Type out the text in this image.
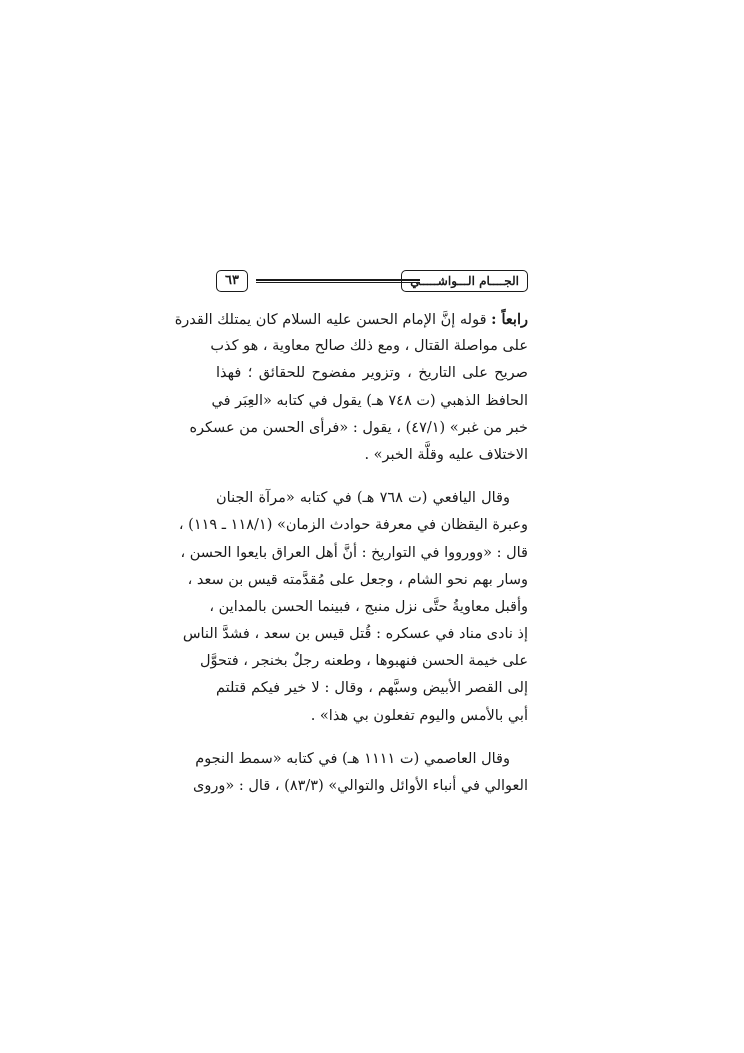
الجــــام الـــواشـــــي
٦٣
رابعاً : قوله إنَّ الإمام الحسن عليه السلام كان يمتلك القدرة
على مواصلة القتال ، ومع ذلك صالح معاوية ، هو كذب
صريح على التاريخ ، وتزوير مفضوح للحقائق ؛ فهذا
الحافظ الذهبي (ت ٧٤٨ هـ) يقول في كتابه «العِبَر في
خبر من غبر» (٤٧/١) ، يقول : «فرأى الحسن من عسكره
الاختلاف عليه وقلَّة الخبر» .
وقال اليافعي (ت ٧٦٨ هـ) في كتابه «مرآة الجنان
وعبرة اليقظان في معرفة حوادث الزمان» (١١٨/١ ـ ١١٩) ،
قال : «وورووا في التواريخ : أنَّ أهل العراق بايعوا الحسن ،
وسار بهم نحو الشام ، وجعل على مُقدَّمته قيس بن سعد ،
وأقبل معاويةُ حتَّى نزل منبج ، فبينما الحسن بالمداين ،
إذ نادى مناد في عسكره : قُتل قيس بن سعد ، فشدَّ الناس
على خيمة الحسن فنهبوها ، وطعنه رجلٌ بخنجر ، فتحوَّل
إلى القصر الأبيض وسبَّهم ، وقال : لا خير فيكم قتلتم
أبي بالأمس واليوم تفعلون بي هذا» .
وقال العاصمي (ت ١١١١ هـ) في كتابه «سمط النجوم
العوالي في أنباء الأوائل والتوالي» (٨٣/٣) ، قال : «وروى
